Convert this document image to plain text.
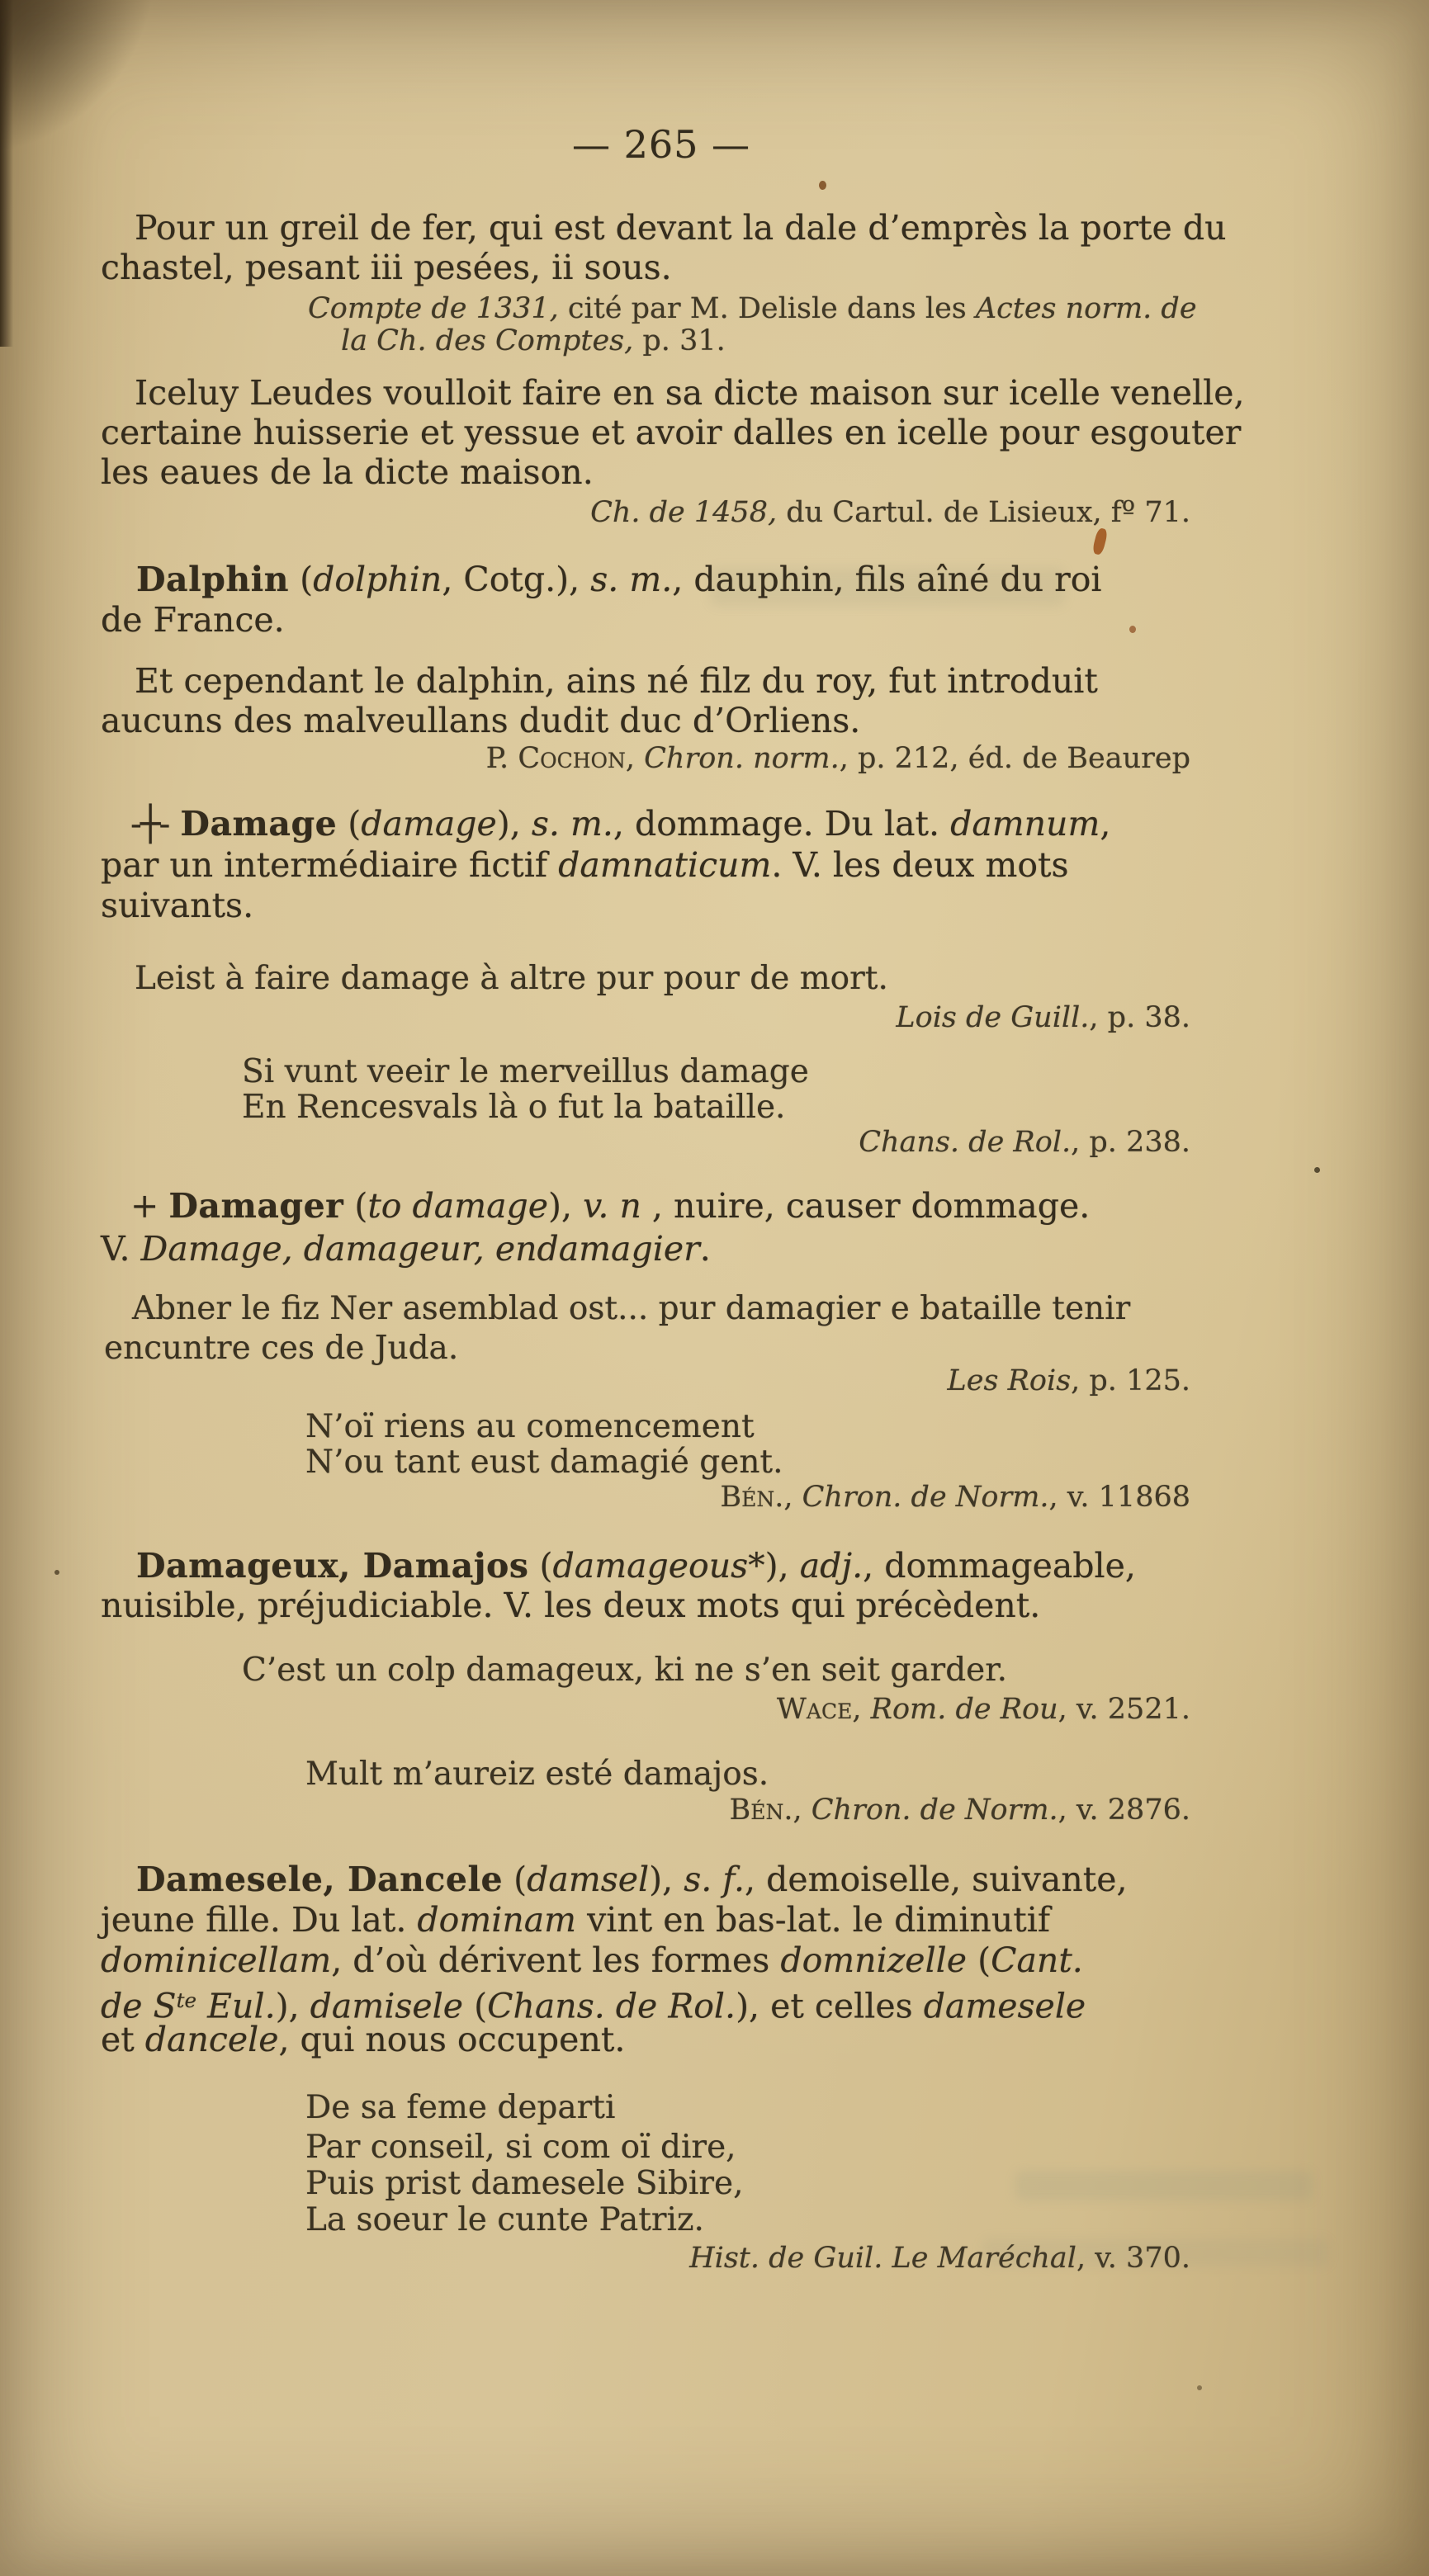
— 265 —
Pour un greil de fer, qui est devant la dale d’emprès la porte du
chastel, pesant iii pesées, ii sous.
Compte de 1331, cité par M. Delisle dans les Actes norm. de
la Ch. des Comptes, p. 31.
Iceluy Leudes voulloit faire en sa dicte maison sur icelle venelle,
certaine huisserie et yessue et avoir dalles en icelle pour esgouter
les eaues de la dicte maison.
Ch. de 1458, du Cartul. de Lisieux, fº 71.
Dalphin (dolphin, Cotg.), s. m., dauphin, fils aîné du roi
de France.
Et cependant le dalphin, ains né filz du roy, fut introduit
aucuns des malveullans dudit duc d’Orliens.
P. Cochon, Chron. norm., p. 212, éd. de Beaurep
-┼- Damage (damage), s. m., dommage. Du lat. damnum,
par un intermédiaire fictif damnaticum. V. les deux mots
suivants.
Leist à faire damage à altre pur pour de mort.
Lois de Guill., p. 38.
Si vunt veeir le merveillus damage
En Rencesvals là o fut la bataille.
Chans. de Rol., p. 238.
+ Damager (to damage), v. n , nuire, causer dommage.
V. Damage, damageur, endamagier.
Abner le fiz Ner asemblad ost... pur damagier e bataille tenir
encuntre ces de Juda.
Les Rois, p. 125.
N’oï riens au comencement
N’ou tant eust damagié gent.
Bén., Chron. de Norm., v. 11868
Damageux, Damajos (damageous*), adj., dommageable,
nuisible, préjudiciable. V. les deux mots qui précèdent.
C’est un colp damageux, ki ne s’en seit garder.
Wace, Rom. de Rou, v. 2521.
Mult m’aureiz esté damajos.
Bén., Chron. de Norm., v. 2876.
Damesele, Dancele (damsel), s. f., demoiselle, suivante,
jeune fille. Du lat. dominam vint en bas-lat. le diminutif
dominicellam, d’où dérivent les formes domnizelle (Cant.
de $S^{te}$ Eul.), damisele (Chans. de Rol.), et celles damesele
et dancele, qui nous occupent.
De sa feme departi
Par conseil, si com oï dire,
Puis prist damesele Sibire,
La soeur le cunte Patriz.
Hist. de Guil. Le Maréchal, v. 370.
